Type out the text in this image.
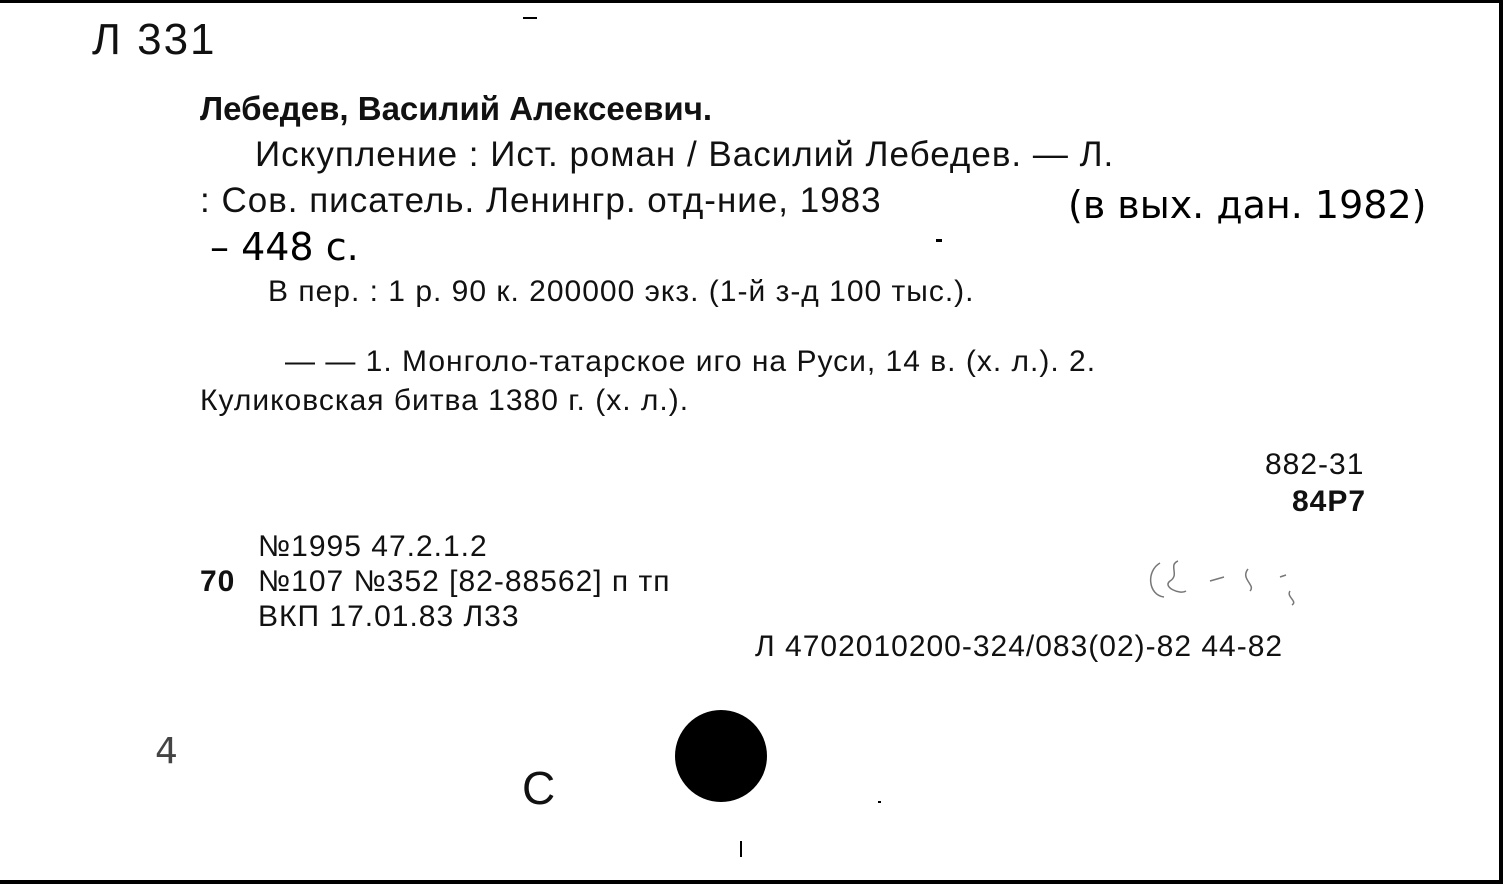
Л 331
Лебедев, Василий Алексеевич.
Искупление : Ист. роман / Василий Лебедев. — Л.
: Сов. писатель. Ленингр. отд-ние, 1983	(в вых. дан. 1982)
– 448 с.
В пер. : 1 р. 90 к. 200000 экз. (1-й з-д 100 тыс.).
— — 1. Монголо-татарское иго на Руси, 14 в. (х. л.). 2.
Куликовская битва 1380 г. (х. л.).
882-31
84Р7
№1995 47.2.1.2
70 №107 №352 [82-88562] п тп
ВКП 17.01.83 Л33
Л 4702010200-324/083(02)-82 44-82
4
С
